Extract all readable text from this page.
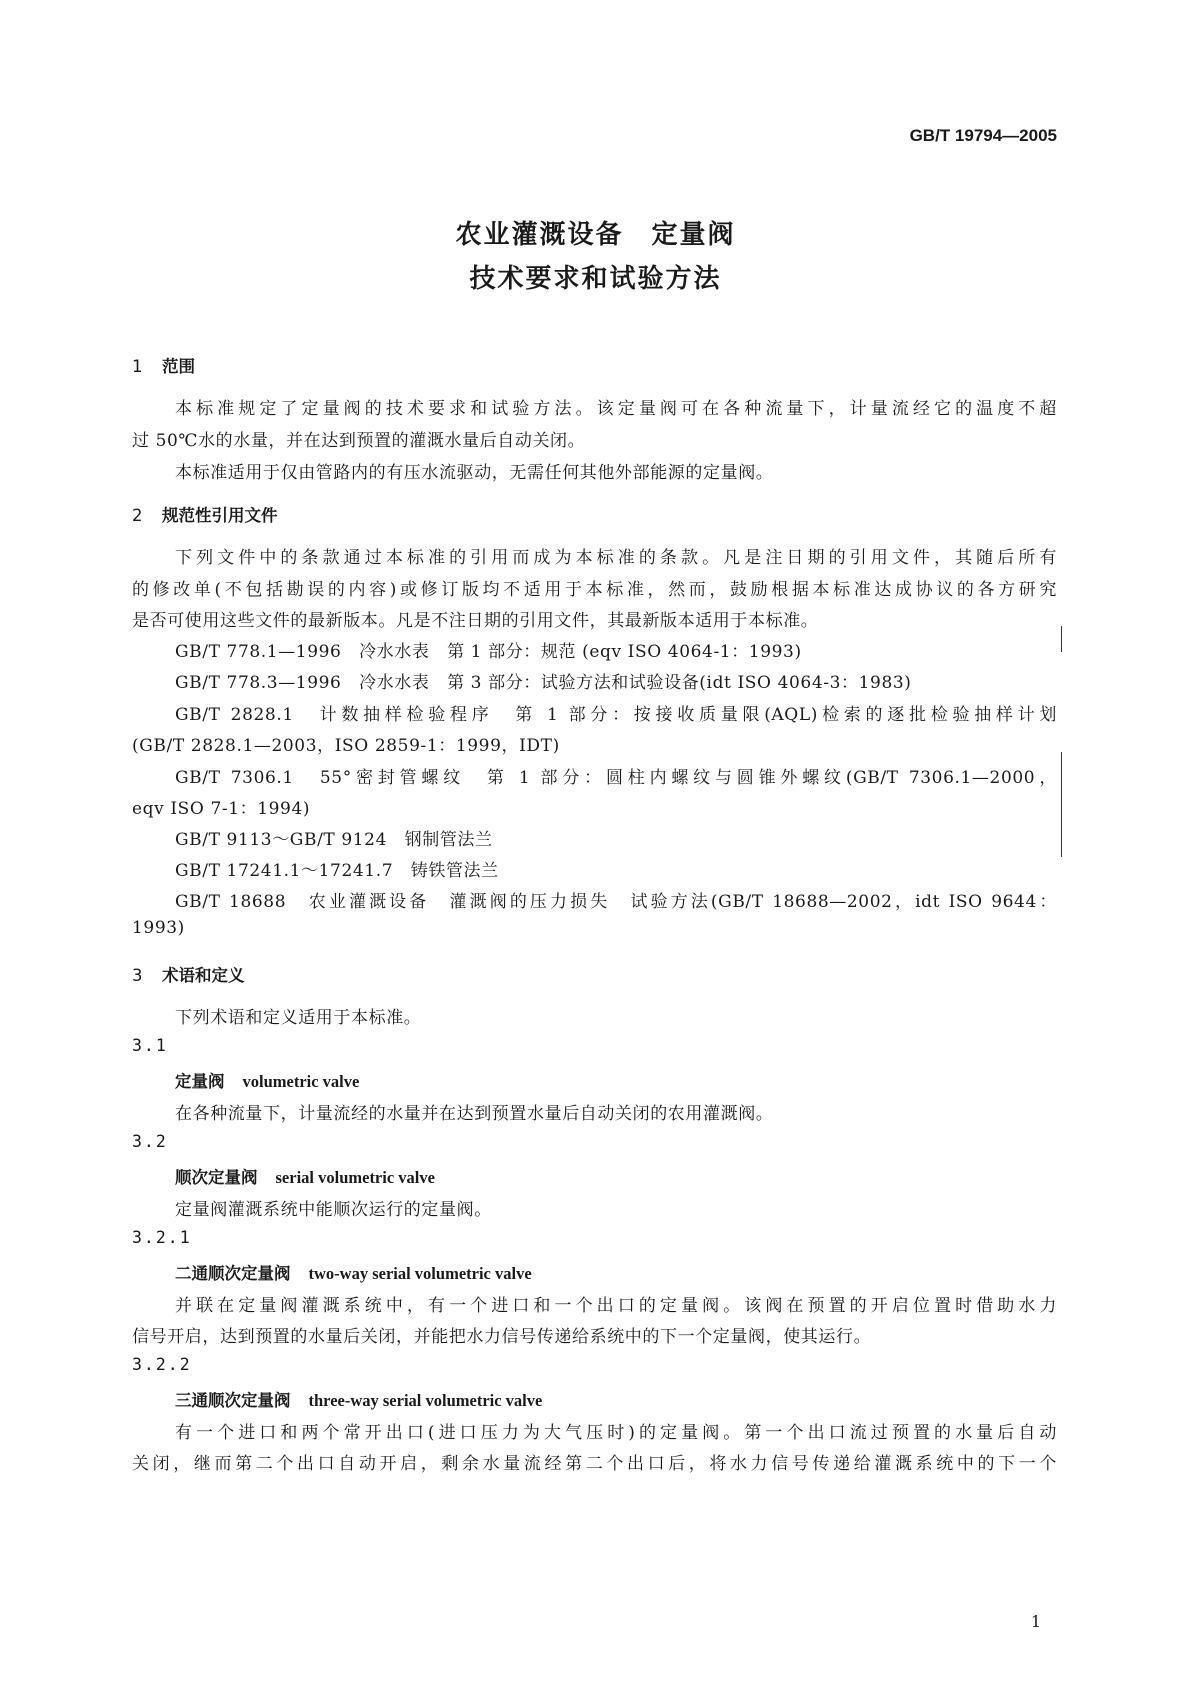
GB/T 19794—2005
农业灌溉设备　定量阀
技术要求和试验方法
1 范围
本标准规定了定量阀的技术要求和试验方法。该定量阀可在各种流量下，计量流经它的温度不超
过 50℃水的水量，并在达到预置的灌溉水量后自动关闭。
本标准适用于仅由管路内的有压水流驱动，无需任何其他外部能源的定量阀。
2 规范性引用文件
下列文件中的条款通过本标准的引用而成为本标准的条款。凡是注日期的引用文件，其随后所有
的修改单(不包括勘误的内容)或修订版均不适用于本标准，然而，鼓励根据本标准达成协议的各方研究
是否可使用这些文件的最新版本。凡是不注日期的引用文件，其最新版本适用于本标准。
GB/T 778.1—1996　冷水水表　第 1 部分：规范 (eqv ISO 4064-1：1993)
GB/T 778.3—1996　冷水水表　第 3 部分：试验方法和试验设备(idt ISO 4064-3：1983)
GB/T 2828.1　计数抽样检验程序　第 1 部分：按接收质量限(AQL)检索的逐批检验抽样计划
(GB/T 2828.1—2003，ISO 2859-1：1999，IDT)
GB/T 7306.1　55°密封管螺纹　第 1 部分：圆柱内螺纹与圆锥外螺纹(GB/T 7306.1—2000，
eqv ISO 7-1：1994)
GB/T 9113～GB/T 9124　钢制管法兰
GB/T 17241.1～17241.7　铸铁管法兰
GB/T 18688　农业灌溉设备　灌溉阀的压力损失　试验方法(GB/T 18688—2002，idt ISO 9644：
1993)
3 术语和定义
下列术语和定义适用于本标准。
3.1
定量阀 volumetric valve
在各种流量下，计量流经的水量并在达到预置水量后自动关闭的农用灌溉阀。
3.2
顺次定量阀 serial volumetric valve
定量阀灌溉系统中能顺次运行的定量阀。
3.2.1
二通顺次定量阀 two-way serial volumetric valve
并联在定量阀灌溉系统中，有一个进口和一个出口的定量阀。该阀在预置的开启位置时借助水力
信号开启，达到预置的水量后关闭，并能把水力信号传递给系统中的下一个定量阀，使其运行。
3.2.2
三通顺次定量阀 three-way serial volumetric valve
有一个进口和两个常开出口(进口压力为大气压时)的定量阀。第一个出口流过预置的水量后自动
关闭，继而第二个出口自动开启，剩余水量流经第二个出口后，将水力信号传递给灌溉系统中的下一个
1
